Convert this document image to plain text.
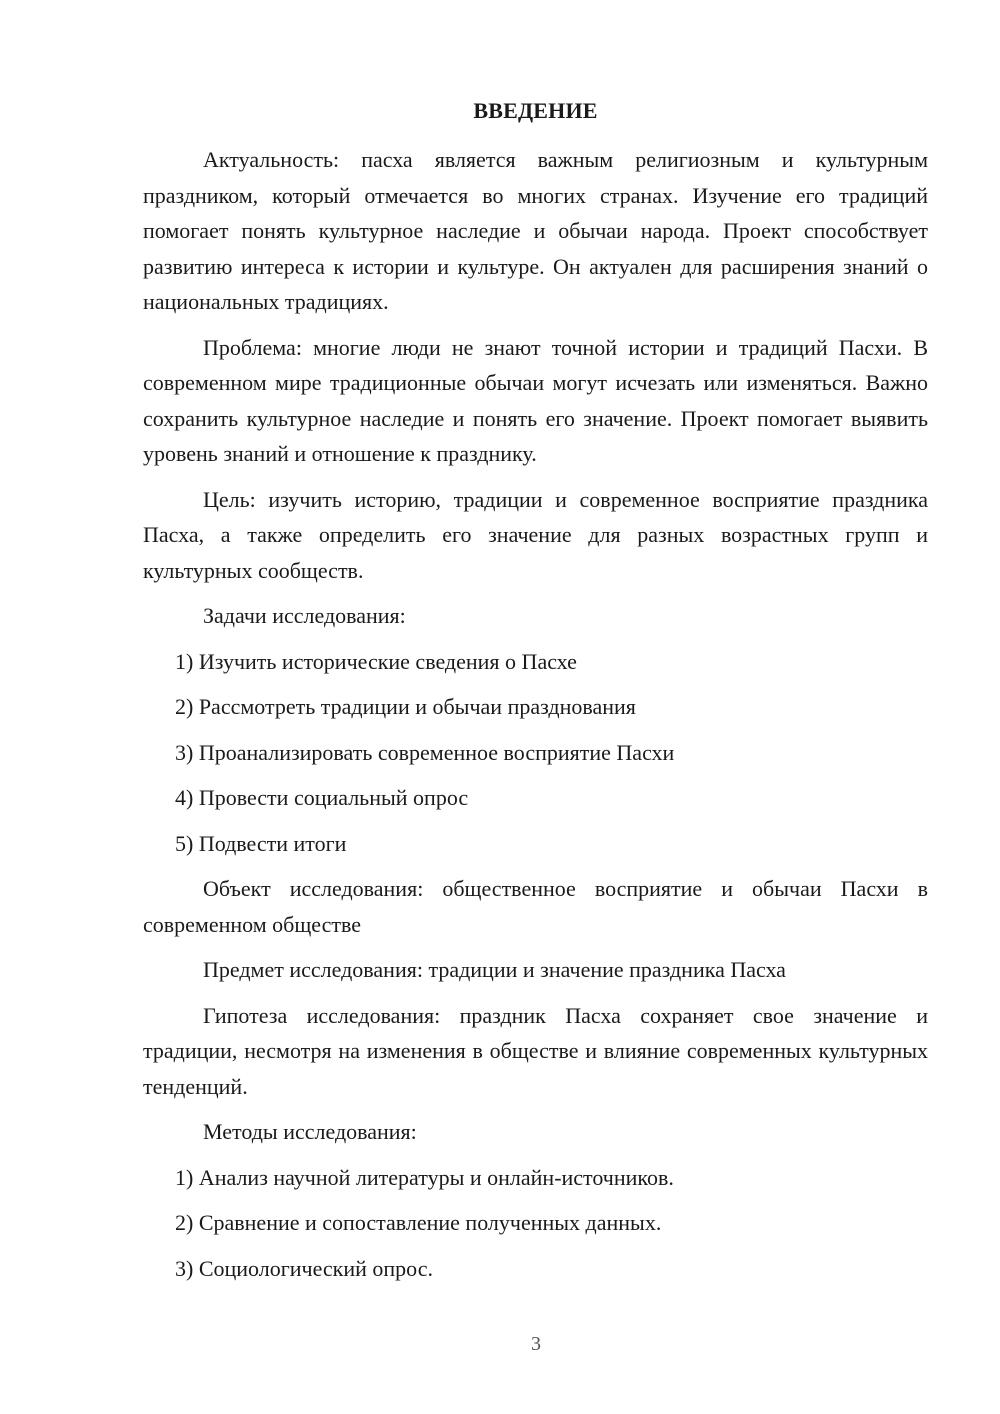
ВВЕДЕНИЕ

Актуальность: пасха является важным религиозным и культурным праздником, который отмечается во многих странах. Изучение его традиций помогает понять культурное наследие и обычаи народа. Проект способствует развитию интереса к истории и культуре. Он актуален для расширения знаний о национальных традициях.

Проблема: многие люди не знают точной истории и традиций Пасхи. В современном мире традиционные обычаи могут исчезать или изменяться. Важно сохранить культурное наследие и понять его значение. Проект помогает выявить уровень знаний и отношение к празднику.

Цель: изучить историю, традиции и современное восприятие праздника Пасха, а также определить его значение для разных возрастных групп и культурных сообществ.

Задачи исследования:

1) Изучить исторические сведения о Пасхе
2) Рассмотреть традиции и обычаи празднования
3) Проанализировать современное восприятие Пасхи
4) Провести социальный опрос
5) Подвести итоги

Объект исследования: общественное восприятие и обычаи Пасхи в современном обществе

Предмет исследования: традиции и значение праздника Пасха

Гипотеза исследования: праздник Пасха сохраняет свое значение и традиции, несмотря на изменения в обществе и влияние современных культурных тенденций.

Методы исследования:

1) Анализ научной литературы и онлайн-источников.
2) Сравнение и сопоставление полученных данных.
3) Социологический опрос.
3
